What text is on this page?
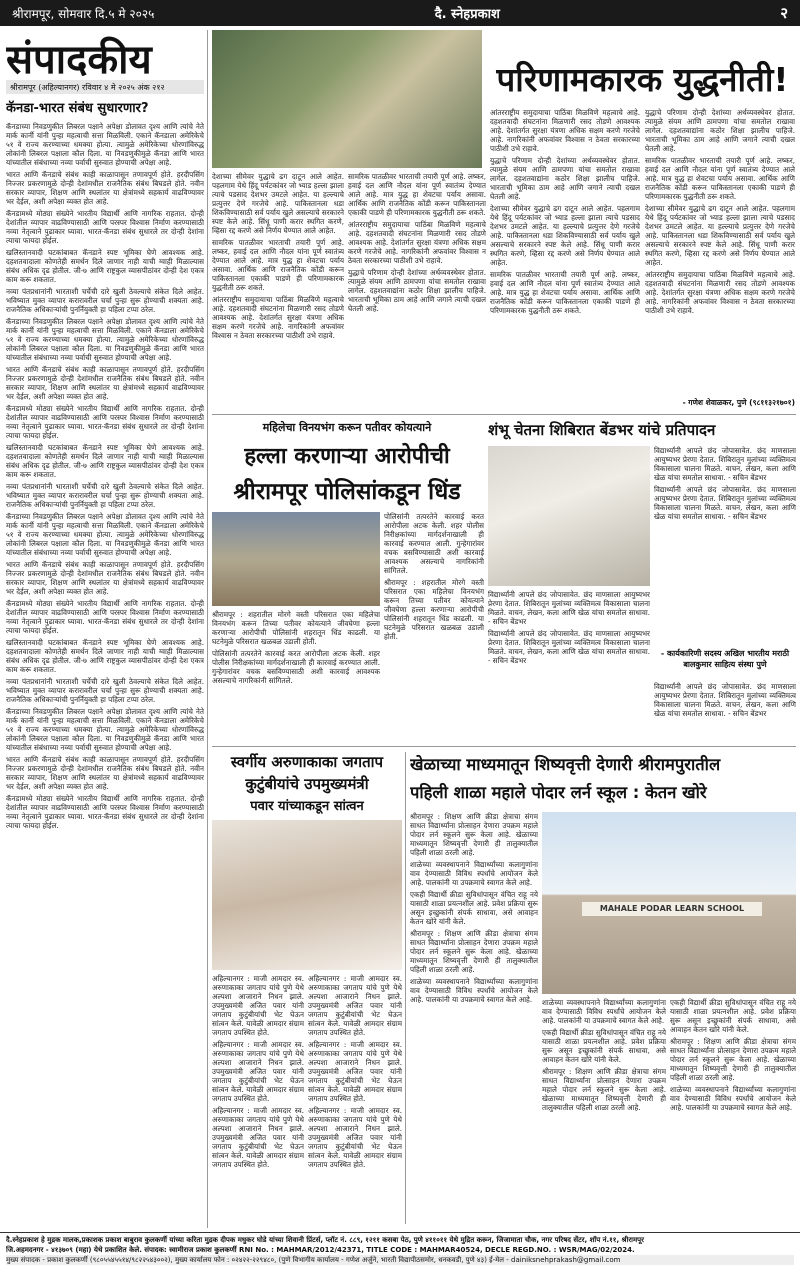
श्रीरामपूर, सोमवार दि.५ मे २०२५	दै. स्नेहप्रकाश	२
संपादकीय
श्रीरामपूर (अहिल्यानगर) रविवार ४ मे २०२५ अंक २१२
कॅनडा-भारत संबंध सुधारणार?

कॅनडाच्या निवडणुकीत लिबरल पक्षाने अपेक्षा डोलावत दृश्य आणि त्यांचे नेते मार्क कार्नी यांनी पुन्हा महत्वाची सत्ता मिळविली. एकाने कॅनडाला अमेरिकेचे ५१ वे राज्य करण्याच्या धमक्या होत्या. त्यामुळे अमेरिकेच्या धोरणांविरुद्ध लोकांनी लिबरल पक्षाला कौल दिला. या निवडणुकीमुळे कॅनडा आणि भारत यांच्यातील संबंधाच्या नव्या पर्वाची सुरुवात होण्याची अपेक्षा आहे.

भारत आणि कॅनडाचे संबंध काही काळापासून तणावपूर्ण होते. हरदीपसिंग निज्जर प्रकरणामुळे दोन्ही देशांमधील राजनैतिक संबंध बिघडले होते. नवीन सरकार व्यापार, शिक्षण आणि स्थलांतर या क्षेत्रांमध्ये सहकार्य वाढविण्यावर भर देईल, अशी अपेक्षा व्यक्त होत आहे.

कॅनडामध्ये मोठ्या संख्येने भारतीय विद्यार्थी आणि नागरिक राहतात. दोन्ही देशांतील व्यापार वाढविण्यासाठी आणि परस्पर विश्वास निर्माण करण्यासाठी नव्या नेतृत्वाने पुढाकार घ्यावा. भारत-कॅनडा संबंध सुधारले तर दोन्ही देशांना त्याचा फायदा होईल.

खलिस्तानवादी घटकांबाबत कॅनडाने स्पष्ट भूमिका घेणे आवश्यक आहे. दहशतवादाला कोणतेही समर्थन दिले जाणार नाही याची ग्वाही मिळाल्यास संबंध अधिक दृढ होतील. जी-७ आणि राष्ट्रकुल व्यासपीठांवर दोन्ही देश एकत्र काम करू शकतात.

नव्या पंतप्रधानांनी भारताशी चर्चेची दारे खुली ठेवल्याचे संकेत दिले आहेत. भविष्यात मुक्त व्यापार करारावरील चर्चा पुन्हा सुरू होण्याची शक्यता आहे. राजनैतिक अधिकाऱ्यांची पुनर्नियुक्ती हा पहिला टप्पा ठरेल.

कॅनडाच्या निवडणुकीत लिबरल पक्षाने अपेक्षा डोलावत दृश्य आणि त्यांचे नेते मार्क कार्नी यांनी पुन्हा महत्वाची सत्ता मिळविली. एकाने कॅनडाला अमेरिकेचे ५१ वे राज्य करण्याच्या धमक्या होत्या. त्यामुळे अमेरिकेच्या धोरणांविरुद्ध लोकांनी लिबरल पक्षाला कौल दिला. या निवडणुकीमुळे कॅनडा आणि भारत यांच्यातील संबंधाच्या नव्या पर्वाची सुरुवात होण्याची अपेक्षा आहे.

भारत आणि कॅनडाचे संबंध काही काळापासून तणावपूर्ण होते. हरदीपसिंग निज्जर प्रकरणामुळे दोन्ही देशांमधील राजनैतिक संबंध बिघडले होते. नवीन सरकार व्यापार, शिक्षण आणि स्थलांतर या क्षेत्रांमध्ये सहकार्य वाढविण्यावर भर देईल, अशी अपेक्षा व्यक्त होत आहे.

कॅनडामध्ये मोठ्या संख्येने भारतीय विद्यार्थी आणि नागरिक राहतात. दोन्ही देशांतील व्यापार वाढविण्यासाठी आणि परस्पर विश्वास निर्माण करण्यासाठी नव्या नेतृत्वाने पुढाकार घ्यावा. भारत-कॅनडा संबंध सुधारले तर दोन्ही देशांना त्याचा फायदा होईल.

खलिस्तानवादी घटकांबाबत कॅनडाने स्पष्ट भूमिका घेणे आवश्यक आहे. दहशतवादाला कोणतेही समर्थन दिले जाणार नाही याची ग्वाही मिळाल्यास संबंध अधिक दृढ होतील. जी-७ आणि राष्ट्रकुल व्यासपीठांवर दोन्ही देश एकत्र काम करू शकतात.

नव्या पंतप्रधानांनी भारताशी चर्चेची दारे खुली ठेवल्याचे संकेत दिले आहेत. भविष्यात मुक्त व्यापार करारावरील चर्चा पुन्हा सुरू होण्याची शक्यता आहे. राजनैतिक अधिकाऱ्यांची पुनर्नियुक्ती हा पहिला टप्पा ठरेल.

कॅनडाच्या निवडणुकीत लिबरल पक्षाने अपेक्षा डोलावत दृश्य आणि त्यांचे नेते मार्क कार्नी यांनी पुन्हा महत्वाची सत्ता मिळविली. एकाने कॅनडाला अमेरिकेचे ५१ वे राज्य करण्याच्या धमक्या होत्या. त्यामुळे अमेरिकेच्या धोरणांविरुद्ध लोकांनी लिबरल पक्षाला कौल दिला. या निवडणुकीमुळे कॅनडा आणि भारत यांच्यातील संबंधाच्या नव्या पर्वाची सुरुवात होण्याची अपेक्षा आहे.

भारत आणि कॅनडाचे संबंध काही काळापासून तणावपूर्ण होते. हरदीपसिंग निज्जर प्रकरणामुळे दोन्ही देशांमधील राजनैतिक संबंध बिघडले होते. नवीन सरकार व्यापार, शिक्षण आणि स्थलांतर या क्षेत्रांमध्ये सहकार्य वाढविण्यावर भर देईल, अशी अपेक्षा व्यक्त होत आहे.

कॅनडामध्ये मोठ्या संख्येने भारतीय विद्यार्थी आणि नागरिक राहतात. दोन्ही देशांतील व्यापार वाढविण्यासाठी आणि परस्पर विश्वास निर्माण करण्यासाठी नव्या नेतृत्वाने पुढाकार घ्यावा. भारत-कॅनडा संबंध सुधारले तर दोन्ही देशांना त्याचा फायदा होईल.

खलिस्तानवादी घटकांबाबत कॅनडाने स्पष्ट भूमिका घेणे आवश्यक आहे. दहशतवादाला कोणतेही समर्थन दिले जाणार नाही याची ग्वाही मिळाल्यास संबंध अधिक दृढ होतील. जी-७ आणि राष्ट्रकुल व्यासपीठांवर दोन्ही देश एकत्र काम करू शकतात.

नव्या पंतप्रधानांनी भारताशी चर्चेची दारे खुली ठेवल्याचे संकेत दिले आहेत. भविष्यात मुक्त व्यापार करारावरील चर्चा पुन्हा सुरू होण्याची शक्यता आहे. राजनैतिक अधिकाऱ्यांची पुनर्नियुक्ती हा पहिला टप्पा ठरेल.

कॅनडाच्या निवडणुकीत लिबरल पक्षाने अपेक्षा डोलावत दृश्य आणि त्यांचे नेते मार्क कार्नी यांनी पुन्हा महत्वाची सत्ता मिळविली. एकाने कॅनडाला अमेरिकेचे ५१ वे राज्य करण्याच्या धमक्या होत्या. त्यामुळे अमेरिकेच्या धोरणांविरुद्ध लोकांनी लिबरल पक्षाला कौल दिला. या निवडणुकीमुळे कॅनडा आणि भारत यांच्यातील संबंधाच्या नव्या पर्वाची सुरुवात होण्याची अपेक्षा आहे.

भारत आणि कॅनडाचे संबंध काही काळापासून तणावपूर्ण होते. हरदीपसिंग निज्जर प्रकरणामुळे दोन्ही देशांमधील राजनैतिक संबंध बिघडले होते. नवीन सरकार व्यापार, शिक्षण आणि स्थलांतर या क्षेत्रांमध्ये सहकार्य वाढविण्यावर भर देईल, अशी अपेक्षा व्यक्त होत आहे.

कॅनडामध्ये मोठ्या संख्येने भारतीय विद्यार्थी आणि नागरिक राहतात. दोन्ही देशांतील व्यापार वाढविण्यासाठी आणि परस्पर विश्वास निर्माण करण्यासाठी नव्या नेतृत्वाने पुढाकार घ्यावा. भारत-कॅनडा संबंध सुधारले तर दोन्ही देशांना त्याचा फायदा होईल.

परिणामकारक युद्धनीती!

आंतरराष्ट्रीय समुदायाचा पाठिंबा मिळविणे महत्वाचे आहे. दहशतवादी संघटनांना मिळणारी रसद तोडणे आवश्यक आहे. देशांतर्गत सुरक्षा यंत्रणा अधिक सक्षम करणे गरजेचे आहे. नागरिकांनी अफवांवर विश्वास न ठेवता सरकारच्या पाठीशी उभे राहावे.

युद्धाचे परिणाम दोन्ही देशांच्या अर्थव्यवस्थेवर होतात. त्यामुळे संयम आणि ठामपणा यांचा समतोल राखावा लागेल. दहशतवाद्यांना कठोर शिक्षा झालीच पाहिजे. भारताची भूमिका ठाम आहे आणि जगाने त्याची दखल घेतली आहे.

देशाच्या सीमेवर युद्धाचे ढग दाटून आले आहेत. पहलगाम येथे हिंदू पर्यटकांवर जो भ्याड हल्ला झाला त्याचे पडसाद देशभर उमटले आहेत. या हल्ल्याचे प्रत्युत्तर देणे गरजेचे आहे. पाकिस्तानला धडा शिकविण्यासाठी सर्व पर्याय खुले असल्याचे सरकारने स्पष्ट केले आहे. सिंधू पाणी करार स्थगित करणे, व्हिसा रद्द करणे असे निर्णय घेण्यात आले आहेत.

सामरिक पातळीवर भारताची तयारी पूर्ण आहे. लष्कर, हवाई दल आणि नौदल यांना पूर्ण स्वातंत्र्य देण्यात आले आहे. मात्र युद्ध हा शेवटचा पर्याय असावा. आर्थिक आणि राजनैतिक कोंडी करून पाकिस्तानला एकाकी पाडणे ही परिणामकारक युद्धनीती ठरू शकते.

युद्धाचे परिणाम दोन्ही देशांच्या अर्थव्यवस्थेवर होतात. त्यामुळे संयम आणि ठामपणा यांचा समतोल राखावा लागेल. दहशतवाद्यांना कठोर शिक्षा झालीच पाहिजे. भारताची भूमिका ठाम आहे आणि जगाने त्याची दखल घेतली आहे.

सामरिक पातळीवर भारताची तयारी पूर्ण आहे. लष्कर, हवाई दल आणि नौदल यांना पूर्ण स्वातंत्र्य देण्यात आले आहे. मात्र युद्ध हा शेवटचा पर्याय असावा. आर्थिक आणि राजनैतिक कोंडी करून पाकिस्तानला एकाकी पाडणे ही परिणामकारक युद्धनीती ठरू शकते.

देशाच्या सीमेवर युद्धाचे ढग दाटून आले आहेत. पहलगाम येथे हिंदू पर्यटकांवर जो भ्याड हल्ला झाला त्याचे पडसाद देशभर उमटले आहेत. या हल्ल्याचे प्रत्युत्तर देणे गरजेचे आहे. पाकिस्तानला धडा शिकविण्यासाठी सर्व पर्याय खुले असल्याचे सरकारने स्पष्ट केले आहे. सिंधू पाणी करार स्थगित करणे, व्हिसा रद्द करणे असे निर्णय घेण्यात आले आहेत.

आंतरराष्ट्रीय समुदायाचा पाठिंबा मिळविणे महत्वाचे आहे. दहशतवादी संघटनांना मिळणारी रसद तोडणे आवश्यक आहे. देशांतर्गत सुरक्षा यंत्रणा अधिक सक्षम करणे गरजेचे आहे. नागरिकांनी अफवांवर विश्वास न ठेवता सरकारच्या पाठीशी उभे राहावे.

- गणेश शेवाळकर, पुणे (९८११३२१७०१)

देशाच्या सीमेवर युद्धाचे ढग दाटून आले आहेत. पहलगाम येथे हिंदू पर्यटकांवर जो भ्याड हल्ला झाला त्याचे पडसाद देशभर उमटले आहेत. या हल्ल्याचे प्रत्युत्तर देणे गरजेचे आहे. पाकिस्तानला धडा शिकविण्यासाठी सर्व पर्याय खुले असल्याचे सरकारने स्पष्ट केले आहे. सिंधू पाणी करार स्थगित करणे, व्हिसा रद्द करणे असे निर्णय घेण्यात आले आहेत.

सामरिक पातळीवर भारताची तयारी पूर्ण आहे. लष्कर, हवाई दल आणि नौदल यांना पूर्ण स्वातंत्र्य देण्यात आले आहे. मात्र युद्ध हा शेवटचा पर्याय असावा. आर्थिक आणि राजनैतिक कोंडी करून पाकिस्तानला एकाकी पाडणे ही परिणामकारक युद्धनीती ठरू शकते.

आंतरराष्ट्रीय समुदायाचा पाठिंबा मिळविणे महत्वाचे आहे. दहशतवादी संघटनांना मिळणारी रसद तोडणे आवश्यक आहे. देशांतर्गत सुरक्षा यंत्रणा अधिक सक्षम करणे गरजेचे आहे. नागरिकांनी अफवांवर विश्वास न ठेवता सरकारच्या पाठीशी उभे राहावे.

सामरिक पातळीवर भारताची तयारी पूर्ण आहे. लष्कर, हवाई दल आणि नौदल यांना पूर्ण स्वातंत्र्य देण्यात आले आहे. मात्र युद्ध हा शेवटचा पर्याय असावा. आर्थिक आणि राजनैतिक कोंडी करून पाकिस्तानला एकाकी पाडणे ही परिणामकारक युद्धनीती ठरू शकते.

आंतरराष्ट्रीय समुदायाचा पाठिंबा मिळविणे महत्वाचे आहे. दहशतवादी संघटनांना मिळणारी रसद तोडणे आवश्यक आहे. देशांतर्गत सुरक्षा यंत्रणा अधिक सक्षम करणे गरजेचे आहे. नागरिकांनी अफवांवर विश्वास न ठेवता सरकारच्या पाठीशी उभे राहावे.

युद्धाचे परिणाम दोन्ही देशांच्या अर्थव्यवस्थेवर होतात. त्यामुळे संयम आणि ठामपणा यांचा समतोल राखावा लागेल. दहशतवाद्यांना कठोर शिक्षा झालीच पाहिजे. भारताची भूमिका ठाम आहे आणि जगाने त्याची दखल घेतली आहे.

महिलेचा विनयभंग करून पतीवर कोयत्याने
हल्ला करणाऱ्या आरोपीची
श्रीरामपूर पोलिसांकडून धिंड

पोलिसांनी तत्परतेने कारवाई करत आरोपीला अटक केली. शहर पोलीस निरीक्षकांच्या मार्गदर्शनाखाली ही कारवाई करण्यात आली. गुन्हेगारांवर वचक बसविण्यासाठी अशी कारवाई आवश्यक असल्याचे नागरिकांनी सांगितले.

श्रीरामपूर : शहरातील मोरगे वस्ती परिसरात एका महिलेचा विनयभंग करून तिच्या पतीवर कोयत्याने जीवघेणा हल्ला करणाऱ्या आरोपीची पोलिसांनी शहरातून धिंड काढली. या घटनेमुळे परिसरात खळबळ उडाली होती.

श्रीरामपूर : शहरातील मोरगे वस्ती परिसरात एका महिलेचा विनयभंग करून तिच्या पतीवर कोयत्याने जीवघेणा हल्ला करणाऱ्या आरोपीची पोलिसांनी शहरातून धिंड काढली. या घटनेमुळे परिसरात खळबळ उडाली होती.

पोलिसांनी तत्परतेने कारवाई करत आरोपीला अटक केली. शहर पोलीस निरीक्षकांच्या मार्गदर्शनाखाली ही कारवाई करण्यात आली. गुन्हेगारांवर वचक बसविण्यासाठी अशी कारवाई आवश्यक असल्याचे नागरिकांनी सांगितले.

शंभू चेतना शिबिरात बेंडभर यांचे प्रतिपादन

विद्यार्थ्यांनी आपले छंद जोपासावेत. छंद माणसाला आयुष्यभर प्रेरणा देतात. शिबिरातून मुलांच्या व्यक्तिमत्व विकासाला चालना मिळते. वाचन, लेखन, कला आणि खेळ यांचा समतोल साधावा. - सचिन बेंडभर

विद्यार्थ्यांनी आपले छंद जोपासावेत. छंद माणसाला आयुष्यभर प्रेरणा देतात. शिबिरातून मुलांच्या व्यक्तिमत्व विकासाला चालना मिळते. वाचन, लेखन, कला आणि खेळ यांचा समतोल साधावा. - सचिन बेंडभर

- कार्यकारिणी सदस्य अखिल भारतीय मराठी बालकुमार साहित्य संस्था पुणे

विद्यार्थ्यांनी आपले छंद जोपासावेत. छंद माणसाला आयुष्यभर प्रेरणा देतात. शिबिरातून मुलांच्या व्यक्तिमत्व विकासाला चालना मिळते. वाचन, लेखन, कला आणि खेळ यांचा समतोल साधावा. - सचिन बेंडभर

विद्यार्थ्यांनी आपले छंद जोपासावेत. छंद माणसाला आयुष्यभर प्रेरणा देतात. शिबिरातून मुलांच्या व्यक्तिमत्व विकासाला चालना मिळते. वाचन, लेखन, कला आणि खेळ यांचा समतोल साधावा. - सचिन बेंडभर

विद्यार्थ्यांनी आपले छंद जोपासावेत. छंद माणसाला आयुष्यभर प्रेरणा देतात. शिबिरातून मुलांच्या व्यक्तिमत्व विकासाला चालना मिळते. वाचन, लेखन, कला आणि खेळ यांचा समतोल साधावा. - सचिन बेंडभर

स्वर्गीय अरुणाकाका जगताप
कुटुंबीयांचे उपमुख्यमंत्री
पवार यांच्याकडून सांत्वन

अहिल्यानगर : माजी आमदार स्व. अरुणाकाका जगताप यांचे पुणे येथे अल्पशा आजाराने निधन झाले. उपमुख्यमंत्री अजित पवार यांनी जगताप कुटुंबीयांची भेट घेऊन सांत्वन केले. यावेळी आमदार संग्राम जगताप उपस्थित होते.

अहिल्यानगर : माजी आमदार स्व. अरुणाकाका जगताप यांचे पुणे येथे अल्पशा आजाराने निधन झाले. उपमुख्यमंत्री अजित पवार यांनी जगताप कुटुंबीयांची भेट घेऊन सांत्वन केले. यावेळी आमदार संग्राम जगताप उपस्थित होते.

अहिल्यानगर : माजी आमदार स्व. अरुणाकाका जगताप यांचे पुणे येथे अल्पशा आजाराने निधन झाले. उपमुख्यमंत्री अजित पवार यांनी जगताप कुटुंबीयांची भेट घेऊन सांत्वन केले. यावेळी आमदार संग्राम जगताप उपस्थित होते.

अहिल्यानगर : माजी आमदार स्व. अरुणाकाका जगताप यांचे पुणे येथे अल्पशा आजाराने निधन झाले. उपमुख्यमंत्री अजित पवार यांनी जगताप कुटुंबीयांची भेट घेऊन सांत्वन केले. यावेळी आमदार संग्राम जगताप उपस्थित होते.

अहिल्यानगर : माजी आमदार स्व. अरुणाकाका जगताप यांचे पुणे येथे अल्पशा आजाराने निधन झाले. उपमुख्यमंत्री अजित पवार यांनी जगताप कुटुंबीयांची भेट घेऊन सांत्वन केले. यावेळी आमदार संग्राम जगताप उपस्थित होते.

अहिल्यानगर : माजी आमदार स्व. अरुणाकाका जगताप यांचे पुणे येथे अल्पशा आजाराने निधन झाले. उपमुख्यमंत्री अजित पवार यांनी जगताप कुटुंबीयांची भेट घेऊन सांत्वन केले. यावेळी आमदार संग्राम जगताप उपस्थित होते.

खेळाच्या माध्यमातून शिष्यवृत्ती देणारी श्रीरामपुरातील
पहिली शाळा महाले पोदार लर्न स्कूल : केतन खोरे

श्रीरामपूर : शिक्षण आणि क्रीडा क्षेत्राचा संगम साधत विद्यार्थ्यांना प्रोत्साहन देणारा उपक्रम महाले पोदार लर्न स्कूलने सुरू केला आहे. खेळाच्या माध्यमातून शिष्यवृत्ती देणारी ही तालुक्यातील पहिली शाळा ठरली आहे.

शाळेच्या व्यवस्थापनाने विद्यार्थ्यांच्या कलागुणांना वाव देण्यासाठी विविध स्पर्धांचे आयोजन केले आहे. पालकांनी या उपक्रमाचे स्वागत केले आहे.

एकही विद्यार्थी क्रीडा सुविधांपासून वंचित राहू नये यासाठी शाळा प्रयत्नशील आहे. प्रवेश प्रक्रिया सुरू असून इच्छुकांनी संपर्क साधावा, असे आवाहन केतन खोरे यांनी केले.

श्रीरामपूर : शिक्षण आणि क्रीडा क्षेत्राचा संगम साधत विद्यार्थ्यांना प्रोत्साहन देणारा उपक्रम महाले पोदार लर्न स्कूलने सुरू केला आहे. खेळाच्या माध्यमातून शिष्यवृत्ती देणारी ही तालुक्यातील पहिली शाळा ठरली आहे.

शाळेच्या व्यवस्थापनाने विद्यार्थ्यांच्या कलागुणांना वाव देण्यासाठी विविध स्पर्धांचे आयोजन केले आहे. पालकांनी या उपक्रमाचे स्वागत केले आहे.

MAHALE PODAR LEARN SCHOOL

शाळेच्या व्यवस्थापनाने विद्यार्थ्यांच्या कलागुणांना वाव देण्यासाठी विविध स्पर्धांचे आयोजन केले आहे. पालकांनी या उपक्रमाचे स्वागत केले आहे.

एकही विद्यार्थी क्रीडा सुविधांपासून वंचित राहू नये यासाठी शाळा प्रयत्नशील आहे. प्रवेश प्रक्रिया सुरू असून इच्छुकांनी संपर्क साधावा, असे आवाहन केतन खोरे यांनी केले.

श्रीरामपूर : शिक्षण आणि क्रीडा क्षेत्राचा संगम साधत विद्यार्थ्यांना प्रोत्साहन देणारा उपक्रम महाले पोदार लर्न स्कूलने सुरू केला आहे. खेळाच्या माध्यमातून शिष्यवृत्ती देणारी ही तालुक्यातील पहिली शाळा ठरली आहे.

एकही विद्यार्थी क्रीडा सुविधांपासून वंचित राहू नये यासाठी शाळा प्रयत्नशील आहे. प्रवेश प्रक्रिया सुरू असून इच्छुकांनी संपर्क साधावा, असे आवाहन केतन खोरे यांनी केले.

श्रीरामपूर : शिक्षण आणि क्रीडा क्षेत्राचा संगम साधत विद्यार्थ्यांना प्रोत्साहन देणारा उपक्रम महाले पोदार लर्न स्कूलने सुरू केला आहे. खेळाच्या माध्यमातून शिष्यवृत्ती देणारी ही तालुक्यातील पहिली शाळा ठरली आहे.

शाळेच्या व्यवस्थापनाने विद्यार्थ्यांच्या कलागुणांना वाव देण्यासाठी विविध स्पर्धांचे आयोजन केले आहे. पालकांनी या उपक्रमाचे स्वागत केले आहे.

दै.स्नेहप्रकाश हे मुद्रक मालक,प्रकाशक प्रकाश बाबुराव कुलकर्णी यांच्या करिता मुद्रक दीपक मधुकर घोडे यांच्या शिवानी प्रिंटर्स, प्लॉट नं. ८८९, १२११ कसबा पेठ, पुणे ४११०११ येथे मुद्रित करून, जिजामाता चौक, नगर परिषद सेंटर, शॉप नं.११, श्रीरामपूर
जि.अहमदनगर - ४१३७०९ (महा) येथे प्रकाशित केले. संपादक: स्वामीराज प्रकाश कुलकर्णी RNI No. : MAHMAR/2012/42371, TITLE CODE : MAHMAR40524, DECLE REGD.NO. : WSR/MAG/02/2024.
मुख्य संपादक - प्रकाश कुलकर्णी (९८०५५४५५१४/९८२२५४३००२), मुख्य कार्यालय फोन : ०२४२२-२२९४८०, (पुणे विभागीय कार्यालय - गणेश अर्जुने, भारती विद्यापीठसमोर, धनकवडी, पुणे ४३) ई-मेल - dainiksnehprakash@gmail.com
